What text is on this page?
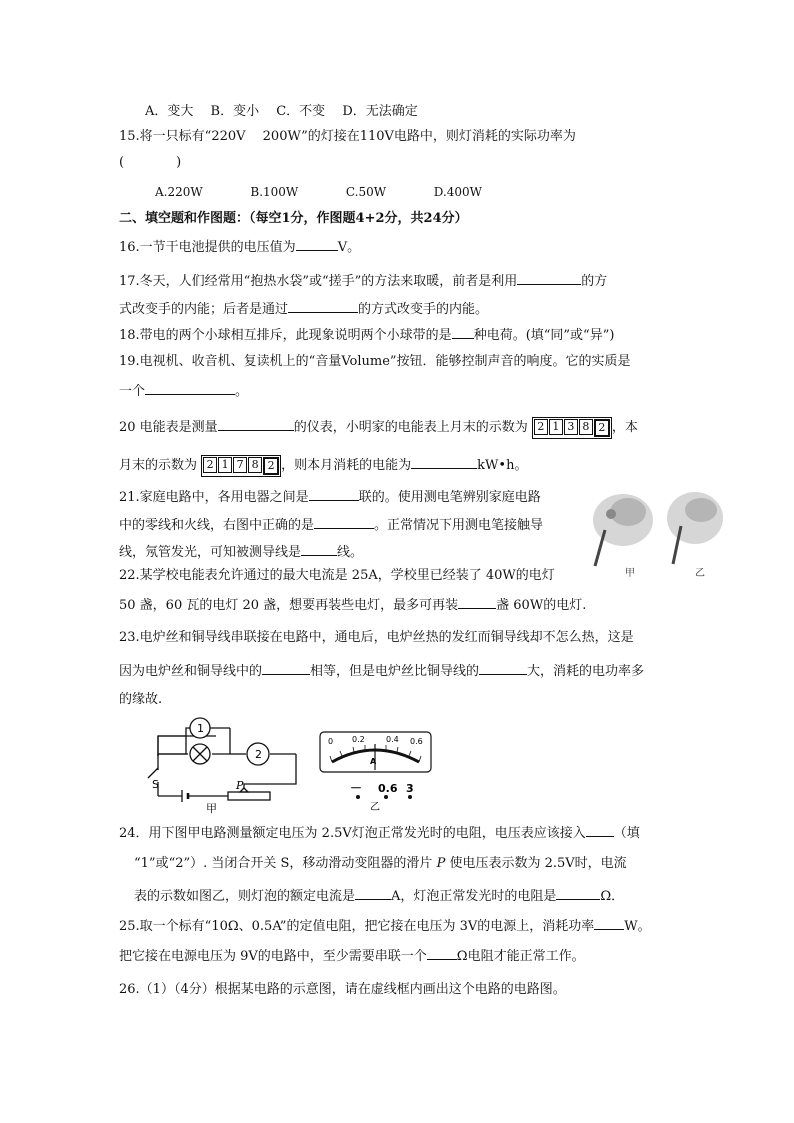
A．变大　 B．变小　 C．不变　 D．无法确定
15.将一只标有“220V　 200W”的灯接在110V电路中，则灯消耗的实际功率为
(　　　　)
A.220W	B.100W	C.50W	D.400W
二、填空题和作图题：（每空1分，作图题4+2分，共24分）
16.一节干电池提供的电压值为	V。
17.冬天，人们经常用“抱热水袋”或“搓手”的方法来取暖，前者是利用	的方
式改变手的内能；后者是通过	的方式改变手的内能。
18.带电的两个小球相互排斥，此现象说明两个小球带的是 种电荷。(填“同”或“异”)
19.电视机、收音机、复读机上的“音量Volume”按钮．能够控制声音的响度。它的实质是
一个	。
20 电能表是测量	的仪表，小明家的电能表上月末的示数为 2 1 3 8 2 ，本
月末的示数为 2 1 7 8 2 ，则本月消耗的电能为	kW•h。
21.家庭电路中，各用电器之间是	联的。使用测电笔辨别家庭电路
中的零线和火线，右图中正确的是	。正常情况下用测电笔接触导
线，氖管发光，可知被测导线是	线。
甲	乙
22.某学校电能表允许通过的最大电流是 25A，学校里已经装了 40W的电灯
50 盏，60 瓦的电灯 20 盏，想要再装些电灯，最多可再装	盏 60W的电灯.
23.电炉丝和铜导线串联接在电路中，通电后，电炉丝热的发红而铜导线却不怎么热，这是
因为电炉丝和铜导线中的	相等，但是电炉丝比铜导线的	大，消耗的电功率多
的缘故.
1
2
S	P
甲
0 0.2	0.4 0.6
A
－ 0.6 3
乙
24．用下图甲电路测量额定电压为 2.5V灯泡正常发光时的电阻，电压表应该接入 （填
“1”或“2”）. 当闭合开关 S，移动滑动变阻器的滑片 P 使电压表示数为 2.5V时，电流
表的示数如图乙，则灯泡的额定电流是	A，灯泡正常发光时的电阻是	Ω．
25.取一个标有“10Ω、0.5A”的定值电阻，把它接在电压为 3V的电源上，消耗功率 W。
把它接在电源电压为 9V的电路中，至少需要串联一个 Ω电阻才能正常工作。
26.（1）（4分）根据某电路的示意图，请在虚线框内画出这个电路的电路图。
